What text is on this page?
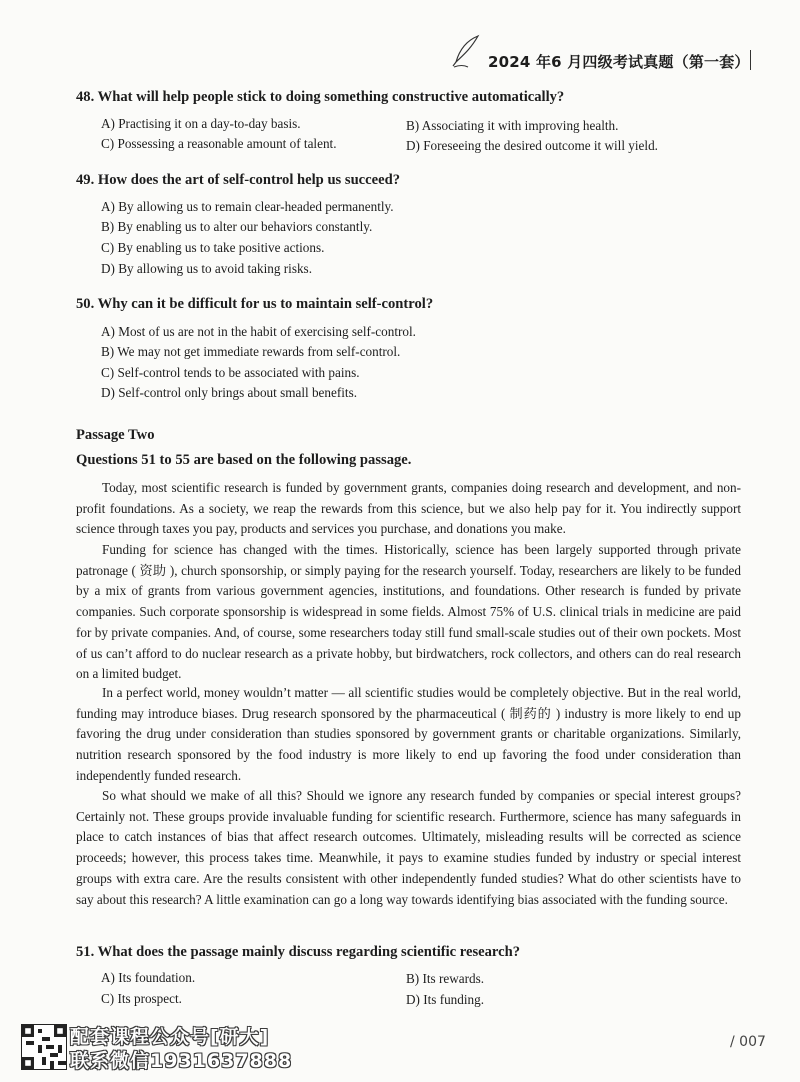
2024 年6 月四级考试真题（第一套）
48. What will help people stick to doing something constructive automatically?
A) Practising it on a day-to-day basis.	B) Associating it with improving health.
C) Possessing a reasonable amount of talent.	D) Foreseeing the desired outcome it will yield.
49. How does the art of self-control help us succeed?
A) By allowing us to remain clear-headed permanently.
B) By enabling us to alter our behaviors constantly.
C) By enabling us to take positive actions.
D) By allowing us to avoid taking risks.
50. Why can it be difficult for us to maintain self-control?
A) Most of us are not in the habit of exercising self-control.
B) We may not get immediate rewards from self-control.
C) Self-control tends to be associated with pains.
D) Self-control only brings about small benefits.
Passage Two
Questions 51 to 55 are based on the following passage.

Today, most scientific research is funded by government grants, companies doing research and development, and non-profit foundations. As a society, we reap the rewards from this science, but we also help pay for it. You indirectly support science through taxes you pay, products and services you purchase, and donations you make.

Funding for science has changed with the times. Historically, science has been largely supported through private patronage ( 资助 ), church sponsorship, or simply paying for the research yourself. Today, researchers are likely to be funded by a mix of grants from various government agencies, institutions, and foundations. Other research is funded by private companies. Such corporate sponsorship is widespread in some fields. Almost 75% of U.S. clinical trials in medicine are paid for by private companies. And, of course, some researchers today still fund small-scale studies out of their own pockets. Most of us can’t afford to do nuclear research as a private hobby, but birdwatchers, rock collectors, and others can do real research on a limited budget.

In a perfect world, money wouldn’t matter — all scientific studies would be completely objective. But in the real world, funding may introduce biases. Drug research sponsored by the pharmaceutical ( 制药的 ) industry is more likely to end up favoring the drug under consideration than studies sponsored by government grants or charitable organizations. Similarly, nutrition research sponsored by the food industry is more likely to end up favoring the food under consideration than independently funded research.

So what should we make of all this? Should we ignore any research funded by companies or special interest groups? Certainly not. These groups provide invaluable funding for scientific research. Furthermore, science has many safeguards in place to catch instances of bias that affect research outcomes. Ultimately, misleading results will be corrected as science proceeds; however, this process takes time. Meanwhile, it pays to examine studies funded by industry or special interest groups with extra care. Are the results consistent with other independently funded studies? What do other scientists have to say about this research? A little examination can go a long way towards identifying bias associated with the funding source.

51. What does the passage mainly discuss regarding scientific research?
A) Its foundation.	B) Its rewards.
C) Its prospect.	D) Its funding.
配套课程公众号[研大]
联系微信1931637888
/ 007
